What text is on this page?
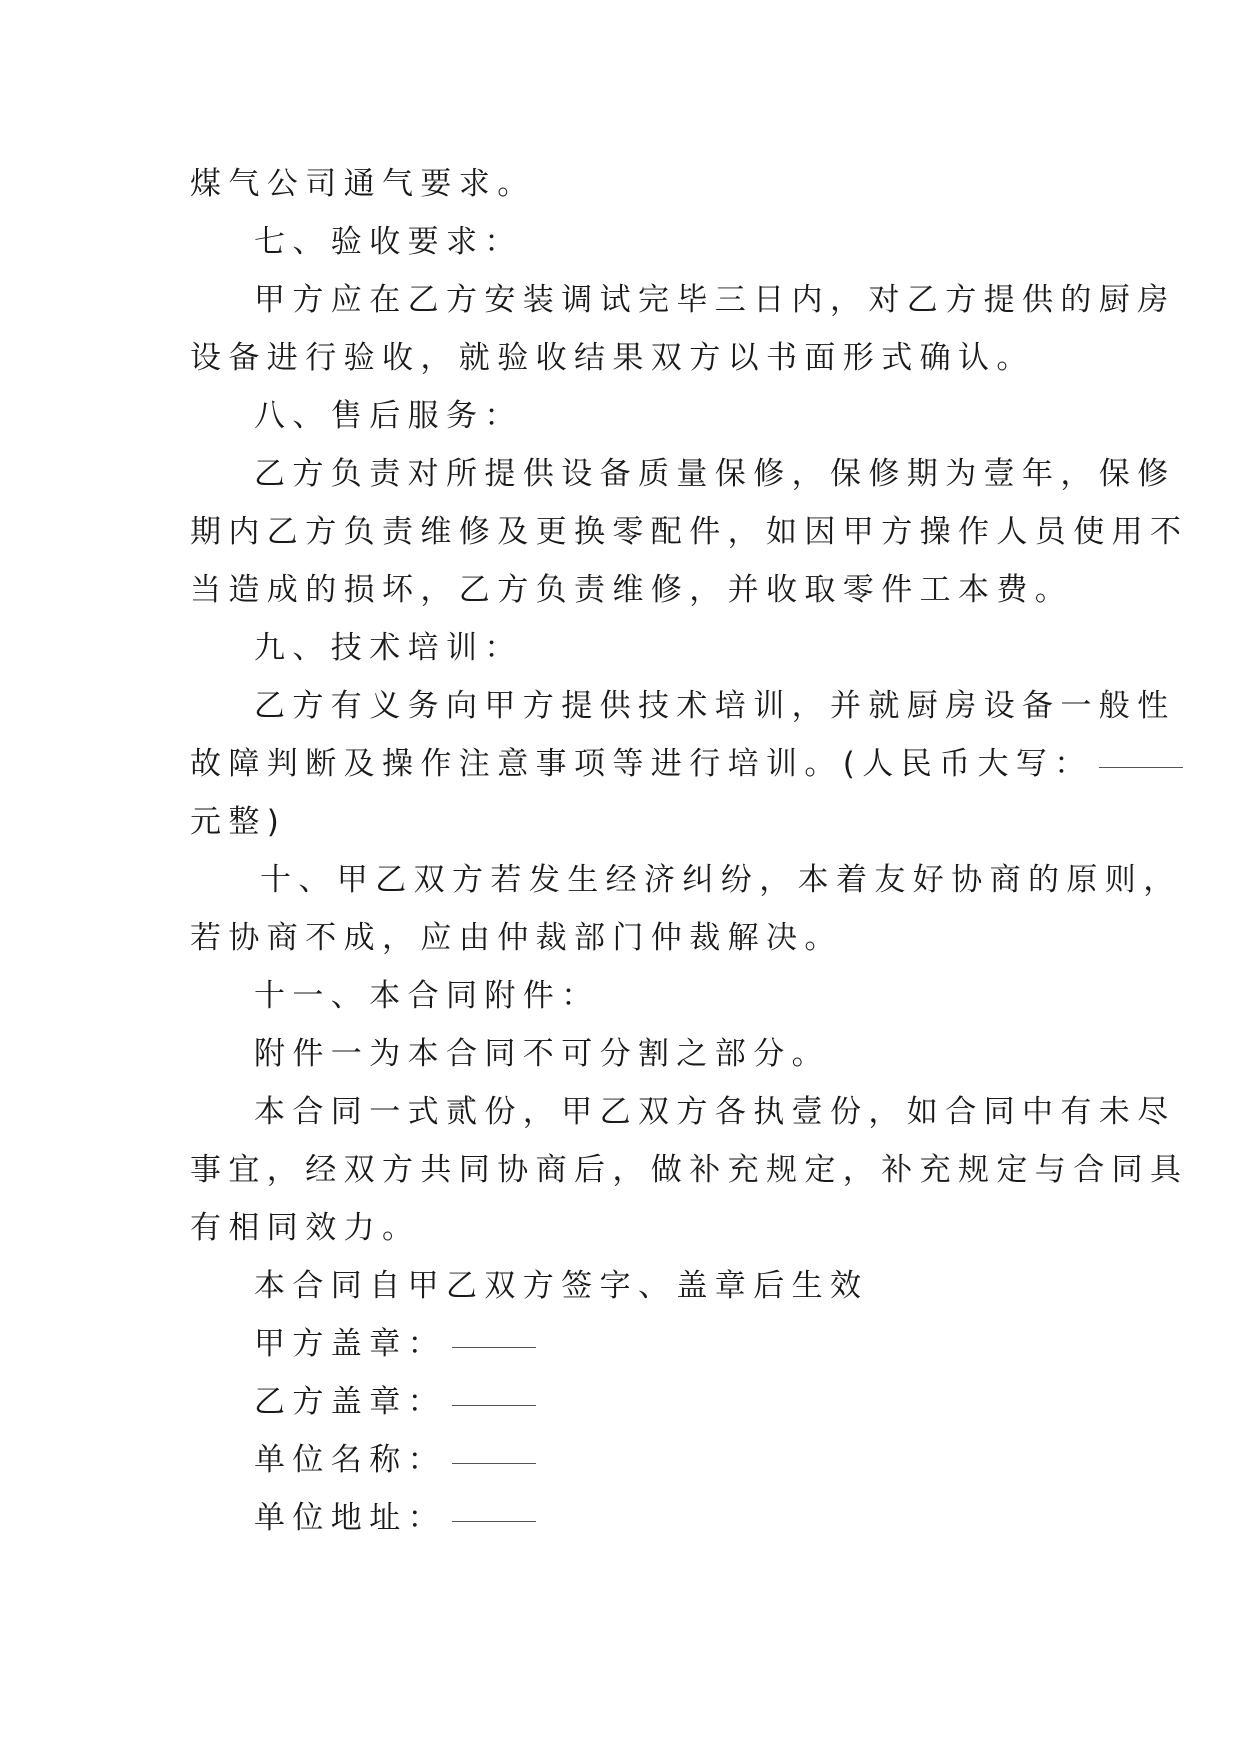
煤气公司通气要求。
七、验收要求：
甲方应在乙方安装调试完毕三日内，对乙方提供的厨房
设备进行验收，就验收结果双方以书面形式确认。
八、售后服务：
乙方负责对所提供设备质量保修，保修期为壹年，保修
期内乙方负责维修及更换零配件，如因甲方操作人员使用不
当造成的损坏，乙方负责维修，并收取零件工本费。
九、技术培训：
乙方有义务向甲方提供技术培训，并就厨房设备一般性
故障判断及操作注意事项等进行培训。(人民币大写：
元整)
十、甲乙双方若发生经济纠纷，本着友好协商的原则，
若协商不成，应由仲裁部门仲裁解决。
十一、本合同附件：
附件一为本合同不可分割之部分。
本合同一式贰份，甲乙双方各执壹份，如合同中有未尽
事宜，经双方共同协商后，做补充规定，补充规定与合同具
有相同效力。
本合同自甲乙双方签字、盖章后生效
甲方盖章：
乙方盖章：
单位名称：
单位地址：
